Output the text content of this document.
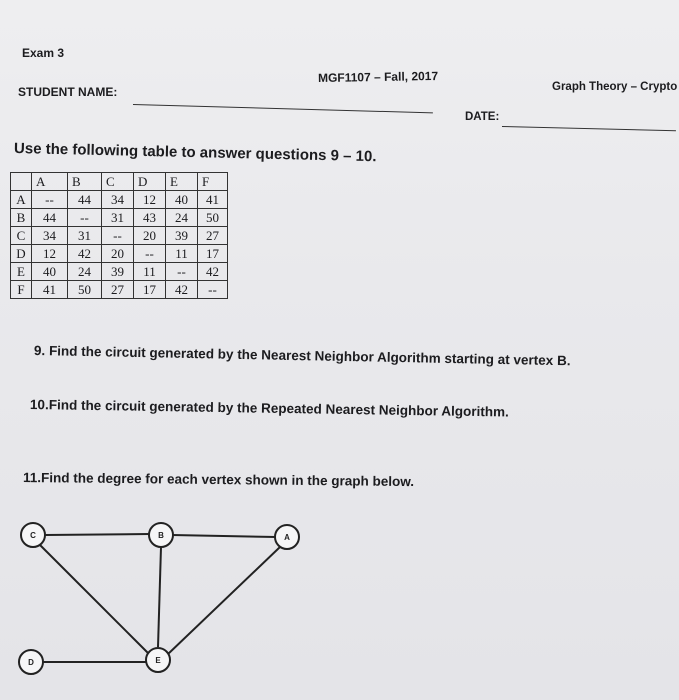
Exam 3
MGF1107 – Fall, 2017
Graph Theory – Crypto
STUDENT NAME:
DATE:
Use the following table to answer questions 9 – 10.
	A	B	C	D	E	F
A	--	44	34	12	40	41
B	44	--	31	43	24	50
C	34	31	--	20	39	27
D	12	42	20	--	11	17
E	40	24	39	11	--	42
F	41	50	27	17	42	--
9. Find the circuit generated by the Nearest Neighbor Algorithm starting at vertex B.
10.Find the circuit generated by the Repeated Nearest Neighbor Algorithm.
11.Find the degree for each vertex shown in the graph below.
C	B	A
D	E
